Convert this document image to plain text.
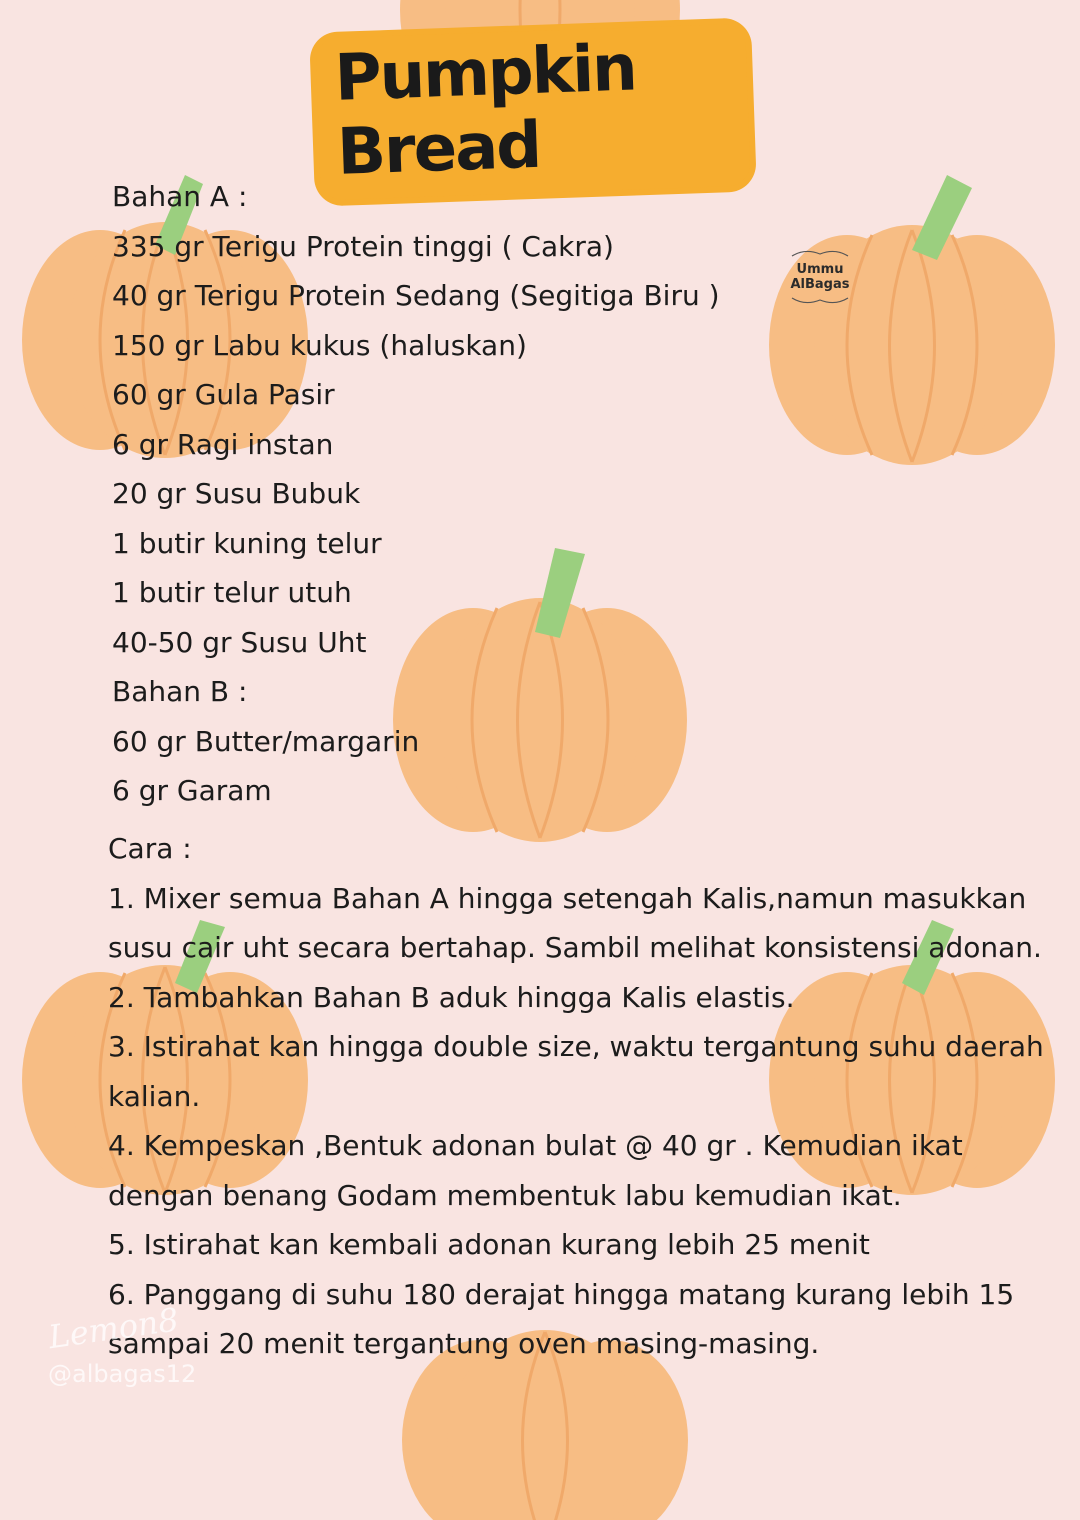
Pumpkin Bread
Ummu AlBagas
Bahan A :
335 gr Terigu Protein tinggi ( Cakra)
40 gr Terigu Protein Sedang (Segitiga Biru )
150 gr Labu kukus (haluskan)
60 gr Gula Pasir
6 gr Ragi instan
20 gr Susu Bubuk
1 butir kuning telur
1 butir telur utuh
40-50 gr Susu Uht
Bahan B :
60 gr Butter/margarin
6 gr Garam
Cara :
1. Mixer semua Bahan A hingga setengah Kalis,namun masukkan
susu cair uht secara bertahap. Sambil melihat konsistensi adonan.
2. Tambahkan Bahan B aduk hingga Kalis elastis.
3. Istirahat kan hingga double size, waktu tergantung suhu daerah
kalian.
4. Kempeskan ,Bentuk adonan bulat @ 40 gr . Kemudian ikat
dengan benang Godam membentuk labu kemudian ikat.
5. Istirahat kan kembali adonan kurang lebih 25 menit
6. Panggang di suhu 180 derajat hingga matang kurang lebih 15
sampai 20 menit tergantung oven masing-masing.
Lemon8
@albagas12
